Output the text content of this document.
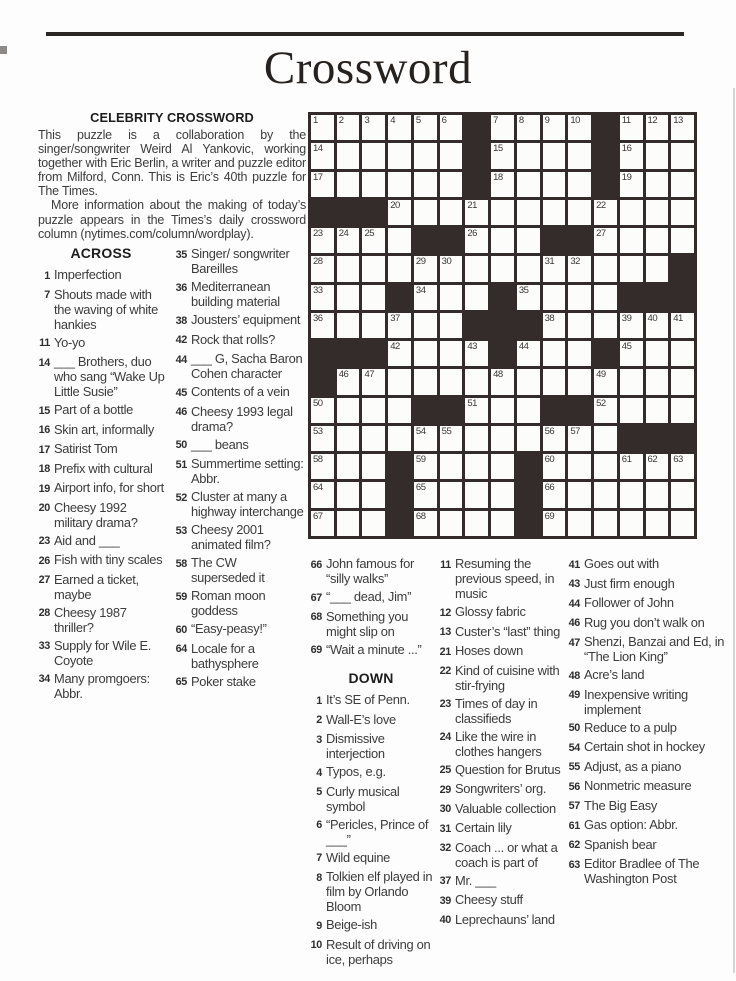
Crossword
CELEBRITY CROSSWORD

This puzzle is a collaboration by the singer/songwriter Weird Al Yankovic, working together with Eric Berlin, a writer and puzzle editor from Milford, Conn. This is Eric’s 40th puzzle for The Times.

More information about the making of today’s puzzle appears in the Times’s daily crossword column (nytimes.com/column/wordplay).

ACROSS
1 Imperfection
7 Shouts made with the waving of white hankies
11 Yo-yo
14 ___ Brothers, duo who sang “Wake Up Little Susie”
15 Part of a bottle
16 Skin art, informally
17 Satirist Tom
18 Prefix with cultural
19 Airport info, for short
20 Cheesy 1992 military drama?
23 Aid and ___
26 Fish with tiny scales
27 Earned a ticket, maybe
28 Cheesy 1987 thriller?
33 Supply for Wile E. Coyote
34 Many promgoers: Abbr.
35 Singer/ songwriter Bareilles
36 Mediterranean building material
38 Jousters’ equipment
42 Rock that rolls?
44 ___ G, Sacha Baron Cohen character
45 Contents of a vein
46 Cheesy 1993 legal drama?
50 ___ beans
51 Summertime setting: Abbr.
52 Cluster at many a highway interchange
53 Cheesy 2001 animated film?
58 The CW superseded it
59 Roman moon goddess
60 “Easy-peasy!”
64 Locale for a bathysphere
65 Poker stake
1 2 3 4 5 6	7 8 9 10	11 12 13
14	15	16
17	18	19
20	21	22
23 24 25	26	27
28	29 30	31 32
33	34	35
36	37	38	39 40 41
42	43	44	45
46 47	48	49
50	51	52
53	54 55	56 57
58	59	60	61 62 63
64	65	66
67	68	69
66 John famous for “silly walks”
67 “___ dead, Jim”
68 Something you might slip on
69 “Wait a minute ...”
DOWN
1 It’s SE of Penn.
2 Wall-E’s love
3 Dismissive interjection
4 Typos, e.g.
5 Curly musical symbol
6 “Pericles, Prince of ___”
7 Wild equine
8 Tolkien elf played in film by Orlando Bloom
9 Beige-ish
10 Result of driving on ice, perhaps
11 Resuming the previous speed, in music
12 Glossy fabric
13 Custer’s “last” thing
21 Hoses down
22 Kind of cuisine with stir-frying
23 Times of day in classifieds
24 Like the wire in clothes hangers
25 Question for Brutus
29 Songwriters’ org.
30 Valuable collection
31 Certain lily
32 Coach ... or what a coach is part of
37 Mr. ___
39 Cheesy stuff
40 Leprechauns’ land
41 Goes out with
43 Just firm enough
44 Follower of John
46 Rug you don’t walk on
47 Shenzi, Banzai and Ed, in “The Lion King”
48 Acre’s land
49 Inexpensive writing implement
50 Reduce to a pulp
54 Certain shot in hockey
55 Adjust, as a piano
56 Nonmetric measure
57 The Big Easy
61 Gas option: Abbr.
62 Spanish bear
63 Editor Bradlee of The Washington Post
